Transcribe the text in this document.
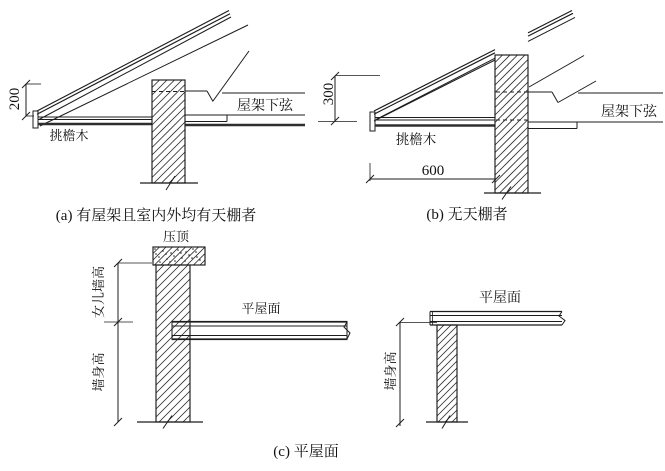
200
挑檐木
屋架下弦
(a) 有屋架且室内外均有天棚者
300
600
挑檐木
屋架下弦
(b) 无天棚者
压顶
女儿墙高
墙身高
平屋面
平屋面
墙身高
(c) 平屋面
